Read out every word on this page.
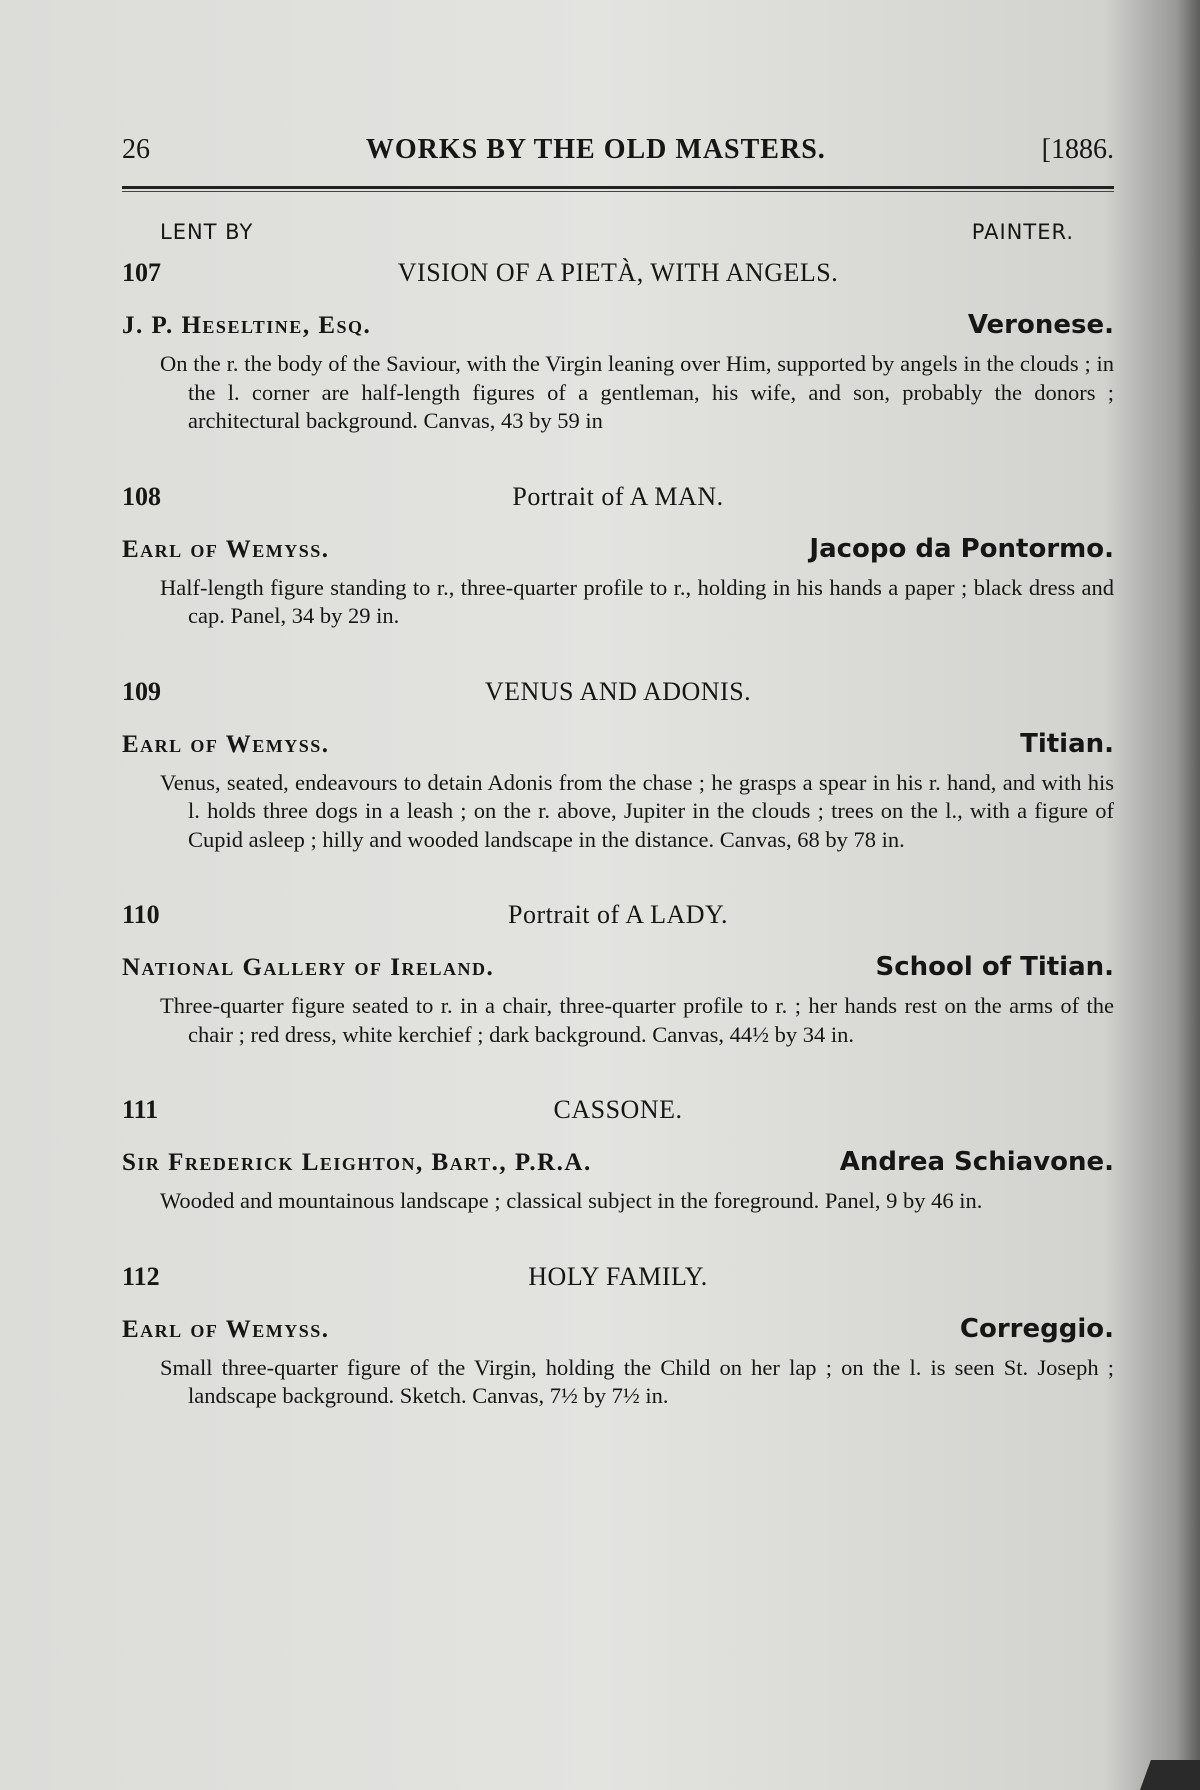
26	WORKS BY THE OLD MASTERS.	[1886.
LENT BY	PAINTER.
107	VISION OF A PIETÀ, WITH ANGELS.
J. P. Heseltine, Esq.	Veronese.
On the r. the body of the Saviour, with the Virgin leaning over Him, supported by angels in the clouds ; in the l. corner are half-length figures of a gentleman, his wife, and son, probably the donors ; architectural background. Canvas, 43 by 59 in
108	Portrait of A MAN.
Earl of Wemyss.	Jacopo da Pontormo.
Half-length figure standing to r., three-quarter profile to r., holding in his hands a paper ; black dress and cap. Panel, 34 by 29 in.
109	VENUS AND ADONIS.
Earl of Wemyss.	Titian.
Venus, seated, endeavours to detain Adonis from the chase ; he grasps a spear in his r. hand, and with his l. holds three dogs in a leash ; on the r. above, Jupiter in the clouds ; trees on the l., with a figure of Cupid asleep ; hilly and wooded landscape in the distance. Canvas, 68 by 78 in.
110	Portrait of A LADY.
National Gallery of Ireland.	School of Titian.
Three-quarter figure seated to r. in a chair, three-quarter profile to r. ; her hands rest on the arms of the chair ; red dress, white kerchief ; dark background. Canvas, 44½ by 34 in.
111	CASSONE.
Sir Frederick Leighton, Bart., P.R.A.	Andrea Schiavone.
Wooded and mountainous landscape ; classical subject in the foreground. Panel, 9 by 46 in.
112	HOLY FAMILY.
Earl of Wemyss.	Correggio.
Small three-quarter figure of the Virgin, holding the Child on her lap ; on the l. is seen St. Joseph ; landscape background. Sketch. Canvas, 7½ by 7½ in.
